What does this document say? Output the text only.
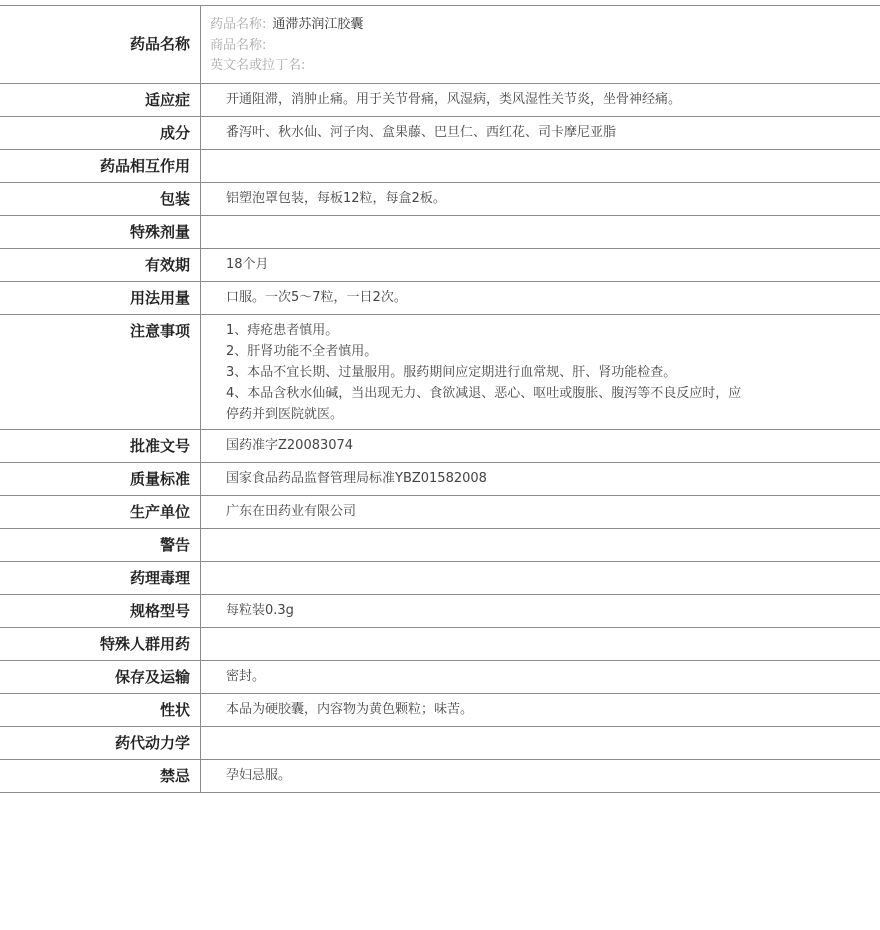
药品名称
药品名称: 通滞苏润江胶囊
商品名称:
英文名或拉丁名:
适应症	开通阻滞，消肿止痛。用于关节骨痛，风湿病，类风湿性关节炎，坐骨神经痛。
成分	番泻叶、秋水仙、河子肉、盒果藤、巴旦仁、西红花、司卡摩尼亚脂
药品相互作用
包装	铝塑泡罩包装，每板12粒，每盒2板。
特殊剂量
有效期	18个月
用法用量	口服。一次5～7粒，一日2次。
注意事项	1、痔疮患者慎用。
2、肝肾功能不全者慎用。
3、本品不宜长期、过量服用。服药期间应定期进行血常规、肝、肾功能检查。
4、本品含秋水仙碱，当出现无力、食欲减退、恶心、呕吐或腹胀、腹泻等不良反应时，应
停药并到医院就医。
批准文号	国药准字Z20083074
质量标准	国家食品药品监督管理局标准YBZ01582008
生产单位	广东在田药业有限公司
警告
药理毒理
规格型号	每粒装0.3g
特殊人群用药
保存及运输	密封。
性状	本品为硬胶囊，内容物为黄色颗粒；味苦。
药代动力学
禁忌	孕妇忌服。
